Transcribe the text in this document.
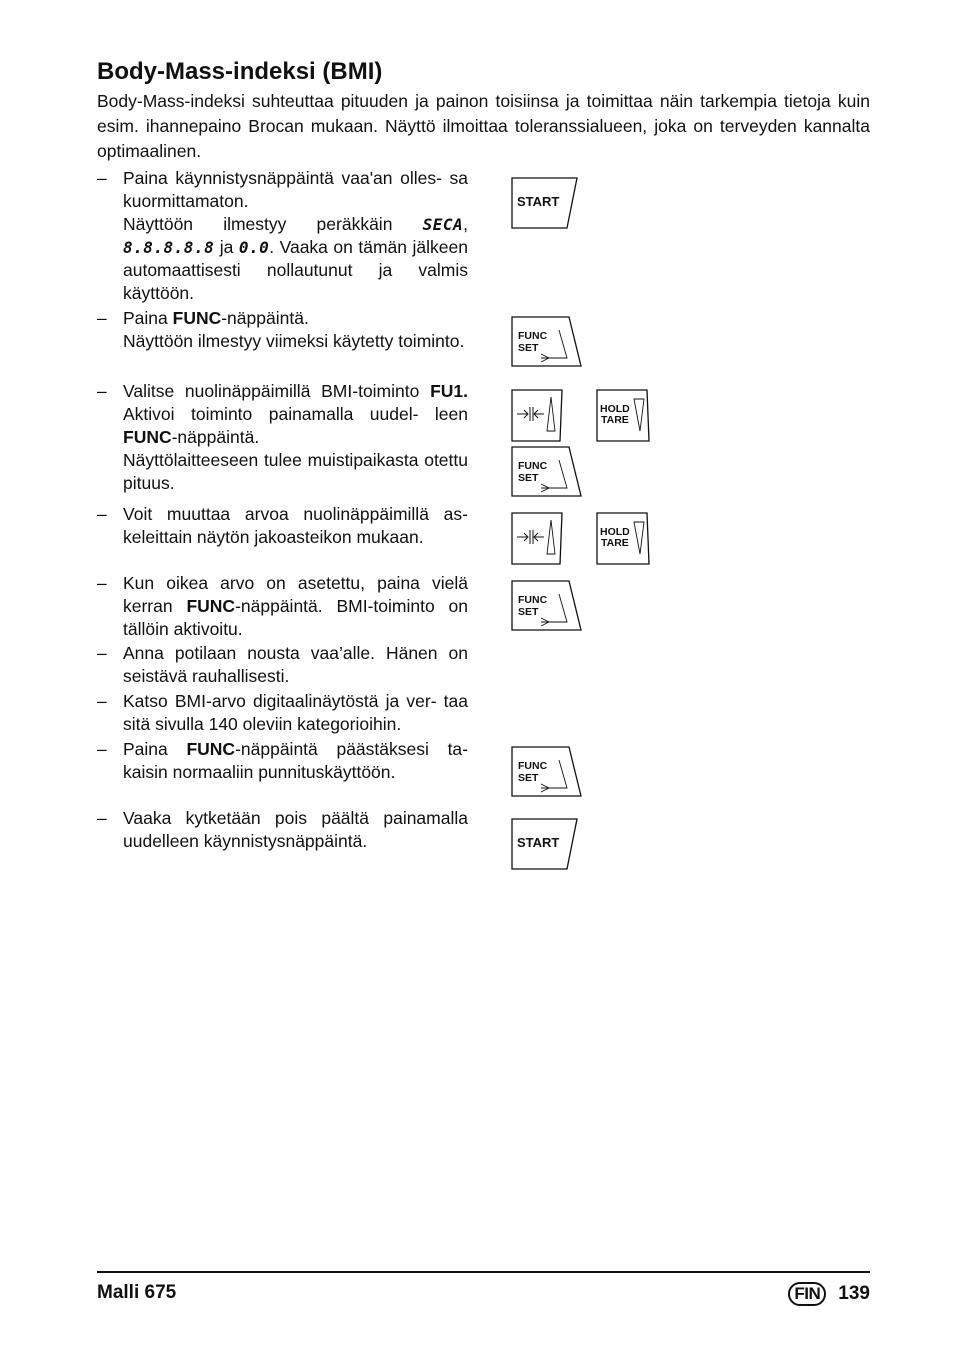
Body-Mass-indeksi (BMI)

Body-Mass-indeksi suhteuttaa pituuden ja painon toisiinsa ja toimittaa näin tarkempia tietoja kuin esim. ihannepaino Brocan mukaan. Näyttö ilmoittaa toleranssialueen, joka on terveyden kannalta optimaalinen.

– Paina käynnistysnäppäintä vaa'an olles- sa kuormittamaton.

Näyttöön ilmestyy peräkkäin SECA, 8.8.8.8.8 ja 0.0. Vaaka on tämän jälkeen automaattisesti nollautunut ja valmis käyttöön.

– Paina FUNC-näppäintä.

Näyttöön ilmestyy viimeksi käytetty toiminto.

– Valitse nuolinäppäimillä BMI-toiminto FU1. Aktivoi toiminto painamalla uudel- leen FUNC-näppäintä.

Näyttölaitteeseen tulee muistipaikasta otettu pituus.

– Voit muuttaa arvoa nuolinäppäimillä as- keleittain näytön jakoasteikon mukaan.

– Kun oikea arvo on asetettu, paina vielä kerran FUNC-näppäintä. BMI-toiminto on tällöin aktivoitu.

– Anna potilaan nousta vaa’alle. Hänen on seistävä rauhallisesti.

– Katso BMI-arvo digitaalinäytöstä ja ver- taa sitä sivulla 140 oleviin kategorioihin.

– Paina FUNC-näppäintä päästäksesi ta- kaisin normaaliin punnituskäyttöön.

– Vaaka kytketään pois päältä painamalla uudelleen käynnistysnäppäintä.

START
FUNC
SET
HOLD
TARE
FUNC
SET
HOLD
TARE
FUNC
SET
FUNC
SET
START
Malli 675	FIN 139
